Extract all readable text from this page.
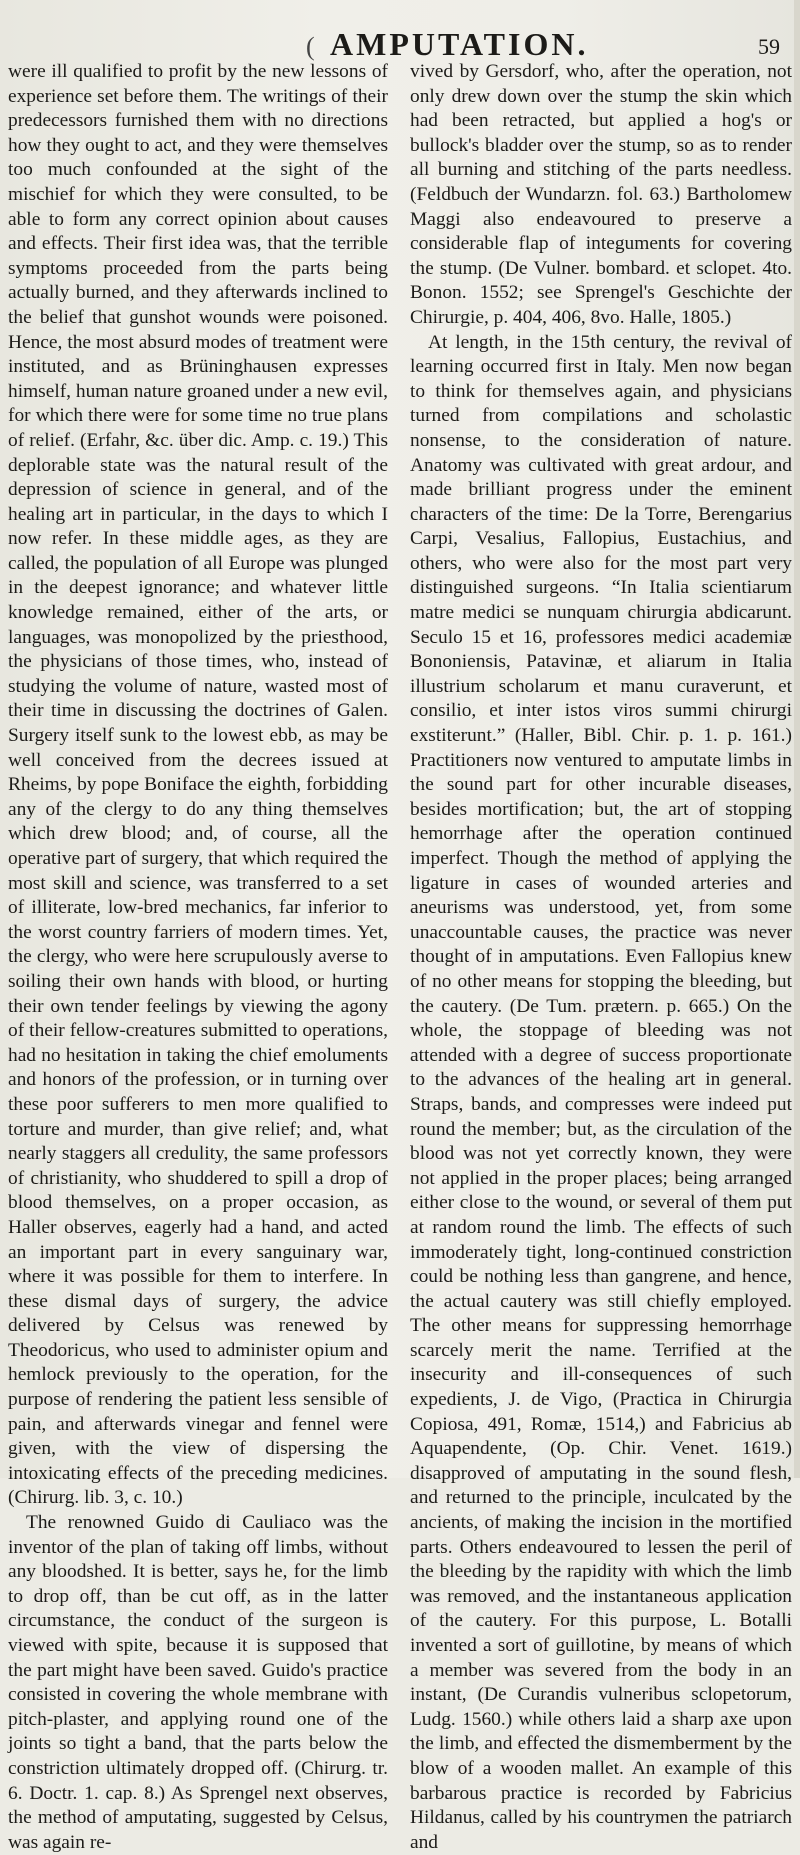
( AMPUTATION.	59

were ill qualified to profit by the new lessons of experience set before them. The writings of their predecessors furnished them with no directions how they ought to act, and they were themselves too much confounded at the sight of the mischief for which they were consulted, to be able to form any correct opinion about causes and effects. Their first idea was, that the terrible symptoms proceeded from the parts being actually burned, and they afterwards inclined to the belief that gunshot wounds were poisoned. Hence, the most absurd modes of treatment were instituted, and as Brüninghausen expresses himself, human nature groaned under a new evil, for which there were for some time no true plans of relief. (Erfahr, &c. über dic. Amp. c. 19.) This deplorable state was the natural result of the depression of science in general, and of the healing art in particular, in the days to which I now refer. In these middle ages, as they are called, the population of all Europe was plunged in the deepest ignorance; and whatever little knowledge remained, either of the arts, or languages, was monopolized by the priesthood, the physicians of those times, who, instead of studying the volume of nature, wasted most of their time in discussing the doctrines of Galen. Surgery itself sunk to the lowest ebb, as may be well conceived from the decrees issued at Rheims, by pope Boniface the eighth, forbidding any of the clergy to do any thing themselves which drew blood; and, of course, all the operative part of surgery, that which required the most skill and science, was transferred to a set of illiterate, low-bred mechanics, far inferior to the worst country farriers of modern times. Yet, the clergy, who were here scrupulously averse to soiling their own hands with blood, or hurting their own tender feelings by viewing the agony of their fellow-creatures submitted to operations, had no hesitation in taking the chief emoluments and honors of the profession, or in turning over these poor sufferers to men more qualified to torture and murder, than give relief; and, what nearly staggers all credulity, the same professors of christianity, who shuddered to spill a drop of blood themselves, on a proper occasion, as Haller observes, eagerly had a hand, and acted an important part in every sanguinary war, where it was possible for them to interfere. In these dismal days of surgery, the advice delivered by Celsus was renewed by Theodoricus, who used to administer opium and hemlock previously to the operation, for the purpose of rendering the patient less sensible of pain, and afterwards vinegar and fennel were given, with the view of dispersing the intoxicating effects of the preceding medicines. (Chirurg. lib. 3, c. 10.)

The renowned Guido di Cauliaco was the inventor of the plan of taking off limbs, without any bloodshed. It is better, says he, for the limb to drop off, than be cut off, as in the latter circumstance, the conduct of the surgeon is viewed with spite, because it is supposed that the part might have been saved. Guido's practice consisted in covering the whole membrane with pitch-plaster, and applying round one of the joints so tight a band, that the parts below the constriction ultimately dropped off. (Chirurg. tr. 6. Doctr. 1. cap. 8.) As Sprengel next observes, the method of amputating, suggested by Celsus, was again re-

vived by Gersdorf, who, after the operation, not only drew down over the stump the skin which had been retracted, but applied a hog's or bullock's bladder over the stump, so as to render all burning and stitching of the parts needless. (Feldbuch der Wundarzn. fol. 63.) Bartholomew Maggi also endeavoured to preserve a considerable flap of integuments for covering the stump. (De Vulner. bombard. et sclopet. 4to. Bonon. 1552; see Sprengel's Geschichte der Chirurgie, p. 404, 406, 8vo. Halle, 1805.)

At length, in the 15th century, the revival of learning occurred first in Italy. Men now began to think for themselves again, and physicians turned from compilations and scholastic nonsense, to the consideration of nature. Anatomy was cultivated with great ardour, and made brilliant progress under the eminent characters of the time: De la Torre, Berengarius Carpi, Vesalius, Fallopius, Eustachius, and others, who were also for the most part very distinguished surgeons. “In Italia scientiarum matre medici se nunquam chirurgia abdicarunt. Seculo 15 et 16, professores medici academiæ Bononiensis, Patavinæ, et aliarum in Italia illustrium scholarum et manu curaverunt, et consilio, et inter istos viros summi chirurgi exstiterunt.” (Haller, Bibl. Chir. p. 1. p. 161.) Practitioners now ventured to amputate limbs in the sound part for other incurable diseases, besides mortification; but, the art of stopping hemorrhage after the operation continued imperfect. Though the method of applying the ligature in cases of wounded arteries and aneurisms was understood, yet, from some unaccountable causes, the practice was never thought of in amputations. Even Fallopius knew of no other means for stopping the bleeding, but the cautery. (De Tum. prætern. p. 665.) On the whole, the stoppage of bleeding was not attended with a degree of success proportionate to the advances of the healing art in general. Straps, bands, and compresses were indeed put round the member; but, as the circulation of the blood was not yet correctly known, they were not applied in the proper places; being arranged either close to the wound, or several of them put at random round the limb. The effects of such immoderately tight, long-continued constriction could be nothing less than gangrene, and hence, the actual cautery was still chiefly employed. The other means for suppressing hemorrhage scarcely merit the name. Terrified at the insecurity and ill-consequences of such expedients, J. de Vigo, (Practica in Chirurgia Copiosa, 491, Romæ, 1514,) and Fabricius ab Aquapendente, (Op. Chir. Venet. 1619.) disapproved of amputating in the sound flesh, and returned to the principle, inculcated by the ancients, of making the incision in the mortified parts. Others endeavoured to lessen the peril of the bleeding by the rapidity with which the limb was removed, and the instantaneous application of the cautery. For this purpose, L. Botalli invented a sort of guillotine, by means of which a member was severed from the body in an instant, (De Curandis vulneribus sclopetorum, Ludg. 1560.) while others laid a sharp axe upon the limb, and effected the dismemberment by the blow of a wooden mallet. An example of this barbarous practice is recorded by Fabricius Hildanus, called by his countrymen the patriarch and
